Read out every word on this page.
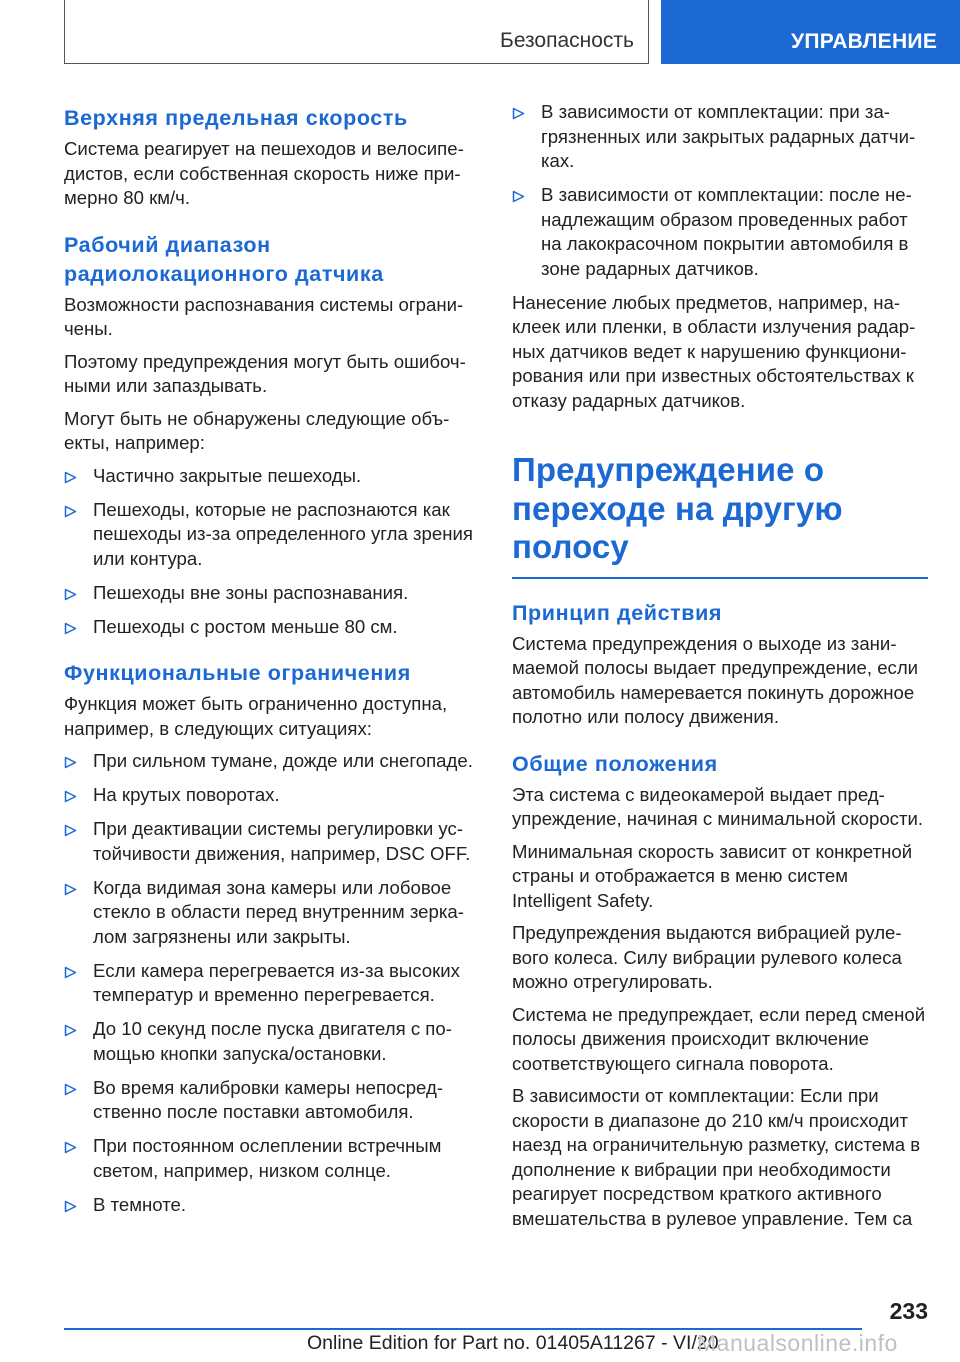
Безопасность	УПРАВЛЕНИЕ
Верхняя предельная скорость
Система реагирует на пешеходов и велосипедистов, если собственная скорость ниже примерно 80 км/ч.
Рабочий диапазон радиолокационного датчика
Возможности распознавания системы ограничены.
Поэтому предупреждения могут быть ошибочными или запаздывать.
Могут быть не обнаружены следующие объекты, например:
Частично закрытые пешеходы.
Пешеходы, которые не распознаются как пешеходы из-за определенного угла зрения или контура.
Пешеходы вне зоны распознавания.
Пешеходы с ростом меньше 80 см.
Функциональные ограничения
Функция может быть ограниченно доступна, например, в следующих ситуациях:
При сильном тумане, дожде или снегопаде.
На крутых поворотах.
При деактивации системы регулировки устойчивости движения, например, DSC OFF.
Когда видимая зона камеры или лобовое стекло в области перед внутренним зеркалом загрязнены или закрыты.
Если камера перегревается из-за высоких температур и временно перегревается.
До 10 секунд после пуска двигателя с помощью кнопки запуска/остановки.
Во время калибровки камеры непосредственно после поставки автомобиля.
При постоянном ослеплении встречным светом, например, низком солнце.
В темноте.
В зависимости от комплектации: при загрязненных или закрытых радарных датчиках.
В зависимости от комплектации: после ненадлежащим образом проведенных работ на лакокрасочном покрытии автомобиля в зоне радарных датчиков.
Нанесение любых предметов, например, наклеек или пленки, в области излучения радарных датчиков ведет к нарушению функционирования или при известных обстоятельствах к отказу радарных датчиков.
Предупреждение о переходе на другую полосу
Принцип действия
Система предупреждения о выходе из занимаемой полосы выдает предупреждение, если автомобиль намеревается покинуть дорожное полотно или полосу движения.
Общие положения
Эта система с видеокамерой выдает предупреждение, начиная с минимальной скорости.
Минимальная скорость зависит от конкретной страны и отображается в меню систем Intelligent Safety.
Предупреждения выдаются вибрацией рулевого колеса. Силу вибрации рулевого колеса можно отрегулировать.
Система не предупреждает, если перед сменой полосы движения происходит включение соответствующего сигнала поворота.
В зависимости от комплектации: Если при скорости в диапазоне до 210 км/ч происходит наезд на ограничительную разметку, система в дополнение к вибрации при необходимости реагирует посредством краткого активного вмешательства в рулевое управление. Тем са
233
Online Edition for Part no. 01405A11267 - VI/20
Manualsonline.info
